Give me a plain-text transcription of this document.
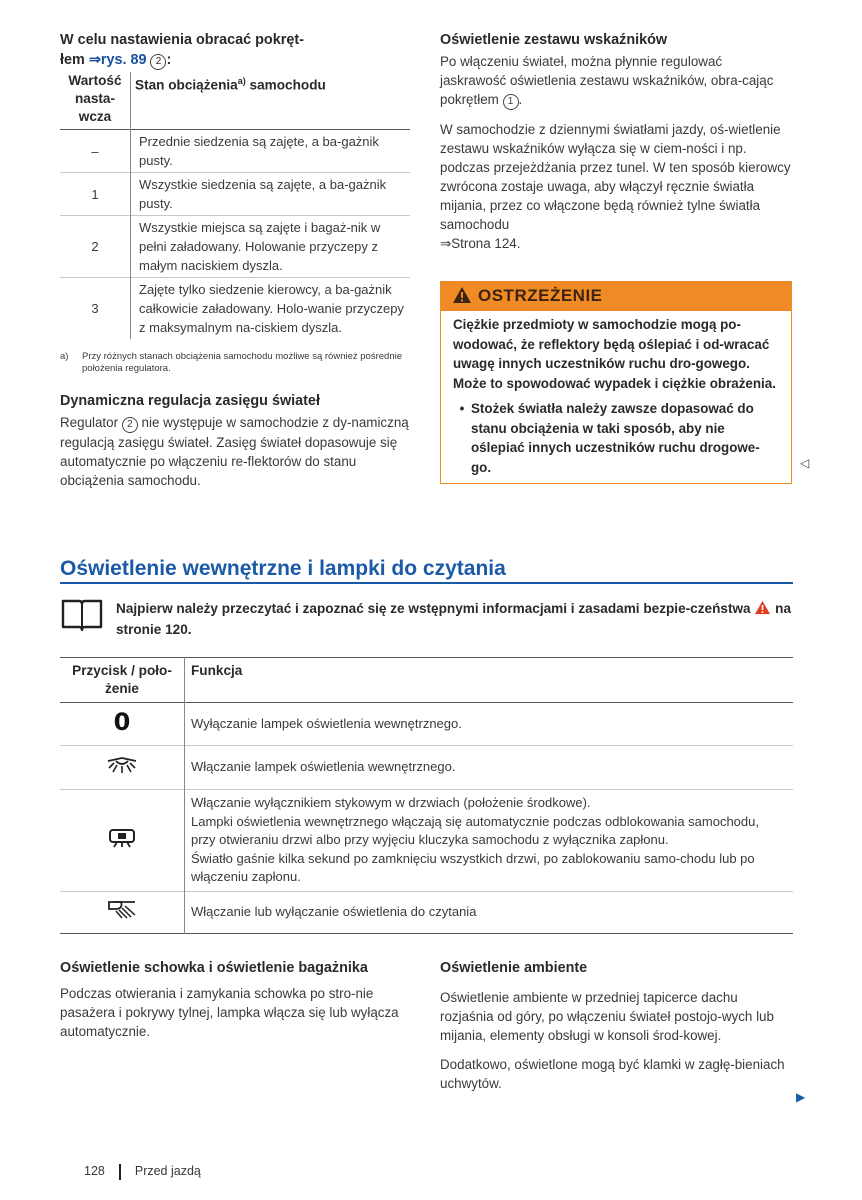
W celu nastawienia obracać pokręt-
łem ⇒rys. 89 2 :

Wartość nasta-wcza	Stan obciążenia$^{a)}$ samochodu
–	Przednie siedzenia są zajęte, a ba-gażnik pusty.
1	Wszystkie siedzenia są zajęte, a ba-gażnik pusty.
2	Wszystkie miejsca są zajęte i bagaż-nik w pełni załadowany. Holowanie przyczepy z małym naciskiem dyszla.
3	Zajęte tylko siedzenie kierowcy, a ba-gażnik całkowicie załadowany. Holo-wanie przyczepy z maksymalnym na-ciskiem dyszla.
a)	Przy różnych stanach obciążenia samochodu możliwe są również pośrednie położenia regulatora.

Dynamiczna regulacja zasięgu świateł

Regulator 2 nie występuje w samochodzie z dy-namiczną regulacją zasięgu świateł. Zasięg świateł dopasowuje się automatycznie po włączeniu re-flektorów do stanu obciążenia samochodu.

Oświetlenie zestawu wskaźników

Po włączeniu świateł, można płynnie regulować jaskrawość oświetlenia zestawu wskaźników, obra-cając pokrętłem 1 .

W samochodzie z dziennymi światłami jazdy, oś-wietlenie zestawu wskaźników wyłącza się w ciem-ności i np. podczas przejeżdżania przez tunel. W ten sposób kierowcy zwrócona zostaje uwaga, aby włączył ręcznie światła mijania, przez co włączone będą również tylne światła samochodu
⇒Strona 124.

OSTRZEŻENIE

Ciężkie przedmioty w samochodzie mogą po-wodować, że reflektory będą oślepiać i od-wracać uwagę innych uczestników ruchu dro-gowego. Może to spowodować wypadek i ciężkie obrażenia.

• Stożek światła należy zawsze dopasować do stanu obciążenia w taki sposób, aby nie oślepiać innych uczestników ruchu drogowe-go.	◁
Oświetlenie wewnętrzne i lampki do czytania
Najpierw należy przeczytać i zapoznać się ze wstępnymi informacjami i zasadami bezpie-czeństwa na stronie 120.
Przycisk / poło-żenie	Funkcja
0	Wyłączanie lampek oświetlenia wewnętrznego.
	Włączanie lampek oświetlenia wewnętrznego.

Włączanie wyłącznikiem stykowym w drzwiach (położenie środkowe).
Lampki oświetlenia wewnętrznego włączają się automatycznie podczas odblokowania samochodu, przy otwieraniu drzwi albo przy wyjęciu kluczyka samochodu z wyłącznika zapłonu.
Światło gaśnie kilka sekund po zamknięciu wszystkich drzwi, po zablokowaniu samo-chodu lub po włączeniu zapłonu.

	Włączanie lub wyłączanie oświetlenia do czytania

Oświetlenie schowka i oświetlenie bagażnika

Podczas otwierania i zamykania schowka po stro-nie pasażera i pokrywy tylnej, lampka włącza się lub wyłącza automatycznie.

Oświetlenie ambiente

Oświetlenie ambiente w przedniej tapicerce dachu rozjaśnia od góry, po włączeniu świateł postojo-wych lub mijania, elementy obsługi w konsoli środ-kowej.

Dodatkowo, oświetlone mogą być klamki w zagłę-bieniach uchwytów.

▶
128 Przed jazdą
